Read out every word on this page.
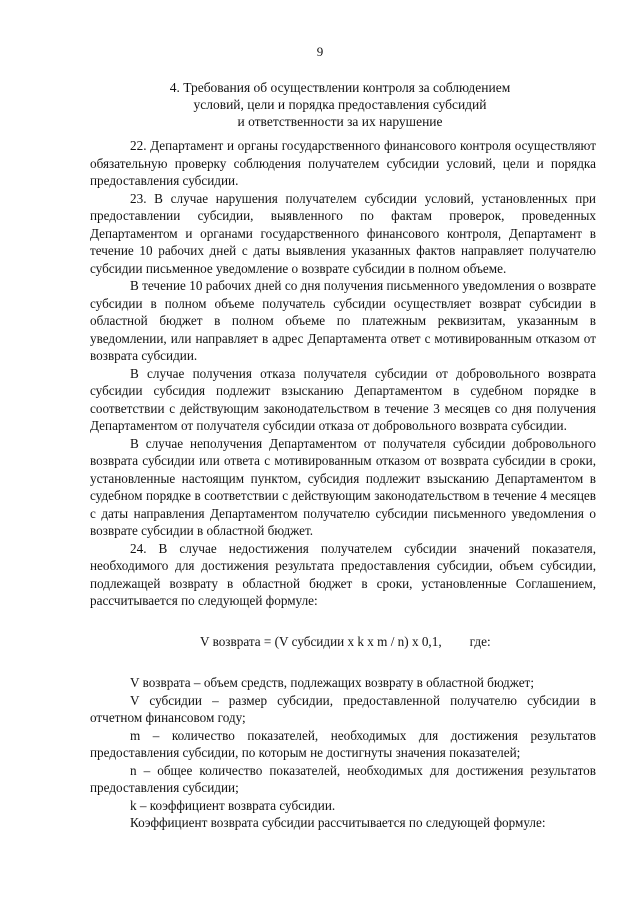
9
4. Требования об осуществлении контроля за соблюдением
условий, цели и порядка предоставления субсидий
и ответственности за их нарушение

22. Департамент и органы государственного финансового контроля осуществляют обязательную проверку соблюдения получателем субсидии условий, цели и порядка предоставления субсидии.

23. В случае нарушения получателем субсидии условий, установленных при предоставлении субсидии, выявленного по фактам проверок, проведенных Департаментом и органами государственного финансового контроля, Департамент в течение 10 рабочих дней с даты выявления указанных фактов направляет получателю субсидии письменное уведомление о возврате субсидии в полном объеме.

В течение 10 рабочих дней со дня получения письменного уведомления о возврате субсидии в полном объеме получатель субсидии осуществляет возврат субсидии в областной бюджет в полном объеме по платежным реквизитам, указанным в уведомлении, или направляет в адрес Департамента ответ с мотивированным отказом от возврата субсидии.

В случае получения отказа получателя субсидии от добровольного возврата субсидии субсидия подлежит взысканию Департаментом в судебном порядке в соответствии с действующим законодательством в течение 3 месяцев со дня получения Департаментом от получателя субсидии отказа от добровольного возврата субсидии.

В случае неполучения Департаментом от получателя субсидии добровольного возврата субсидии или ответа с мотивированным отказом от возврата субсидии в сроки, установленные настоящим пунктом, субсидия подлежит взысканию Департаментом в судебном порядке в соответствии с действующим законодательством в течение 4 месяцев с даты направления Департаментом получателю субсидии письменного уведомления о возврате субсидии в областной бюджет.

24. В случае недостижения получателем субсидии значений показателя, необходимого для достижения результата предоставления субсидии, объем субсидии, подлежащей возврату в областной бюджет в сроки, установленные Соглашением, рассчитывается по следующей формуле:

V возврата = (V субсидии x k x m / n) x 0,1, где:

V возврата – объем средств, подлежащих возврату в областной бюджет;

V субсидии – размер субсидии, предоставленной получателю субсидии в отчетном финансовом году;

m – количество показателей, необходимых для достижения результатов предоставления субсидии, по которым не достигнуты значения показателей;

n – общее количество показателей, необходимых для достижения результатов предоставления субсидии;

k – коэффициент возврата субсидии.

Коэффициент возврата субсидии рассчитывается по следующей формуле:
